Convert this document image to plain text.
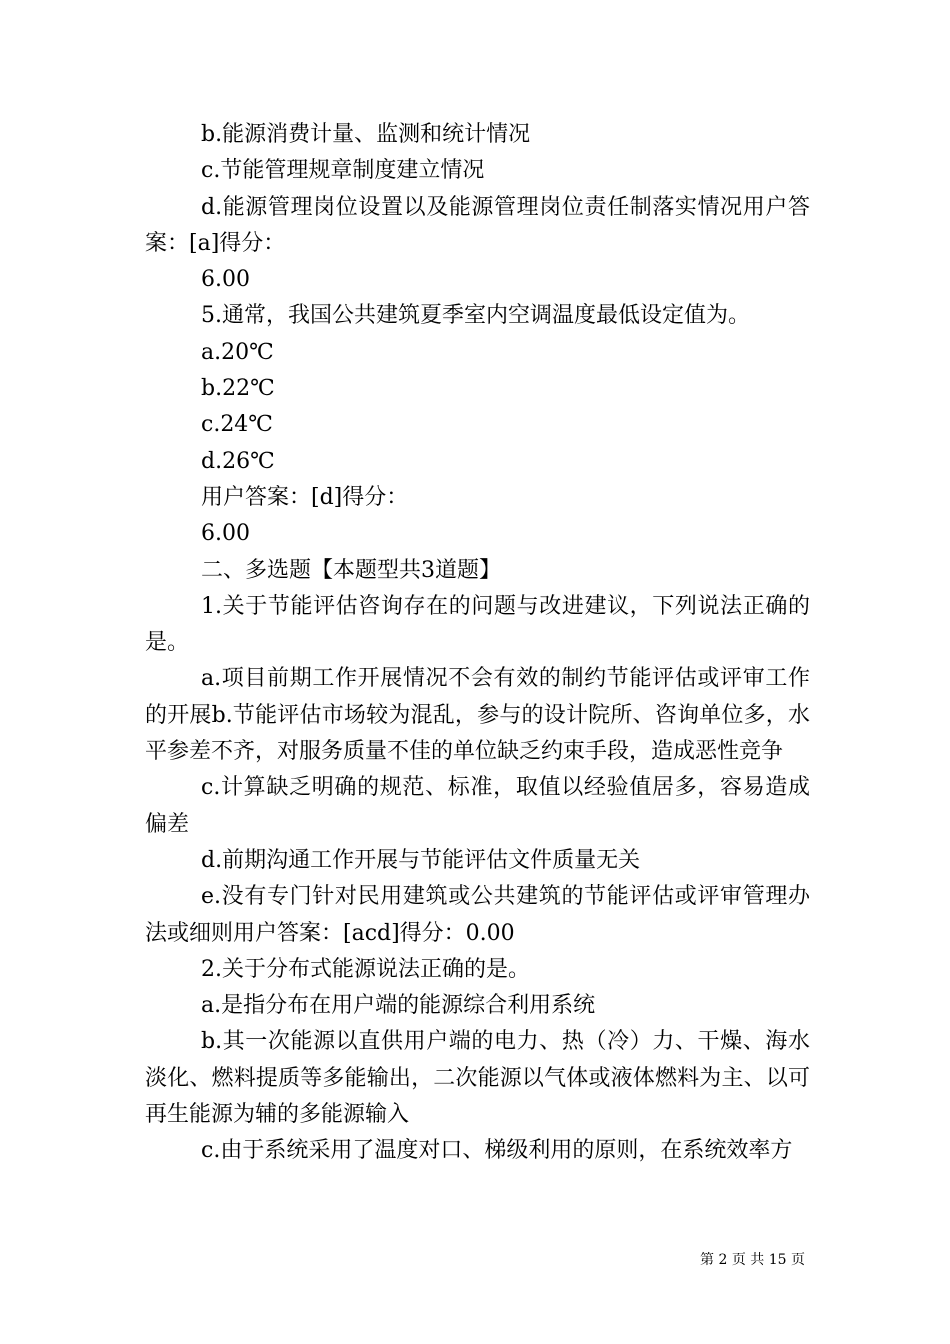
b.能源消费计量、监测和统计情况

c.节能管理规章制度建立情况

d.能源管理岗位设置以及能源管理岗位责任制落实情况用户答案：[a]得分：

6.00

5.通常，我国公共建筑夏季室内空调温度最低设定值为。

a.20℃

b.22℃

c.24℃

d.26℃

用户答案：[d]得分：

6.00

二、多选题【本题型共3道题】

1.关于节能评估咨询存在的问题与改进建议，下列说法正确的是。

a.项目前期工作开展情况不会有效的制约节能评估或评审工作的开展b.节能评估市场较为混乱，参与的设计院所、咨询单位多，水平参差不齐，对服务质量不佳的单位缺乏约束手段，造成恶性竞争

c.计算缺乏明确的规范、标准，取值以经验值居多，容易造成偏差

d.前期沟通工作开展与节能评估文件质量无关

e.没有专门针对民用建筑或公共建筑的节能评估或评审管理办法或细则用户答案：[acd]得分：0.00

2.关于分布式能源说法正确的是。

a.是指分布在用户端的能源综合利用系统

b.其一次能源以直供用户端的电力、热（冷）力、干燥、海水淡化、燃料提质等多能输出，二次能源以气体或液体燃料为主、以可再生能源为辅的多能源输入

c.由于系统采用了温度对口、梯级利用的原则，在系统效率方

第 2 页 共 15 页
